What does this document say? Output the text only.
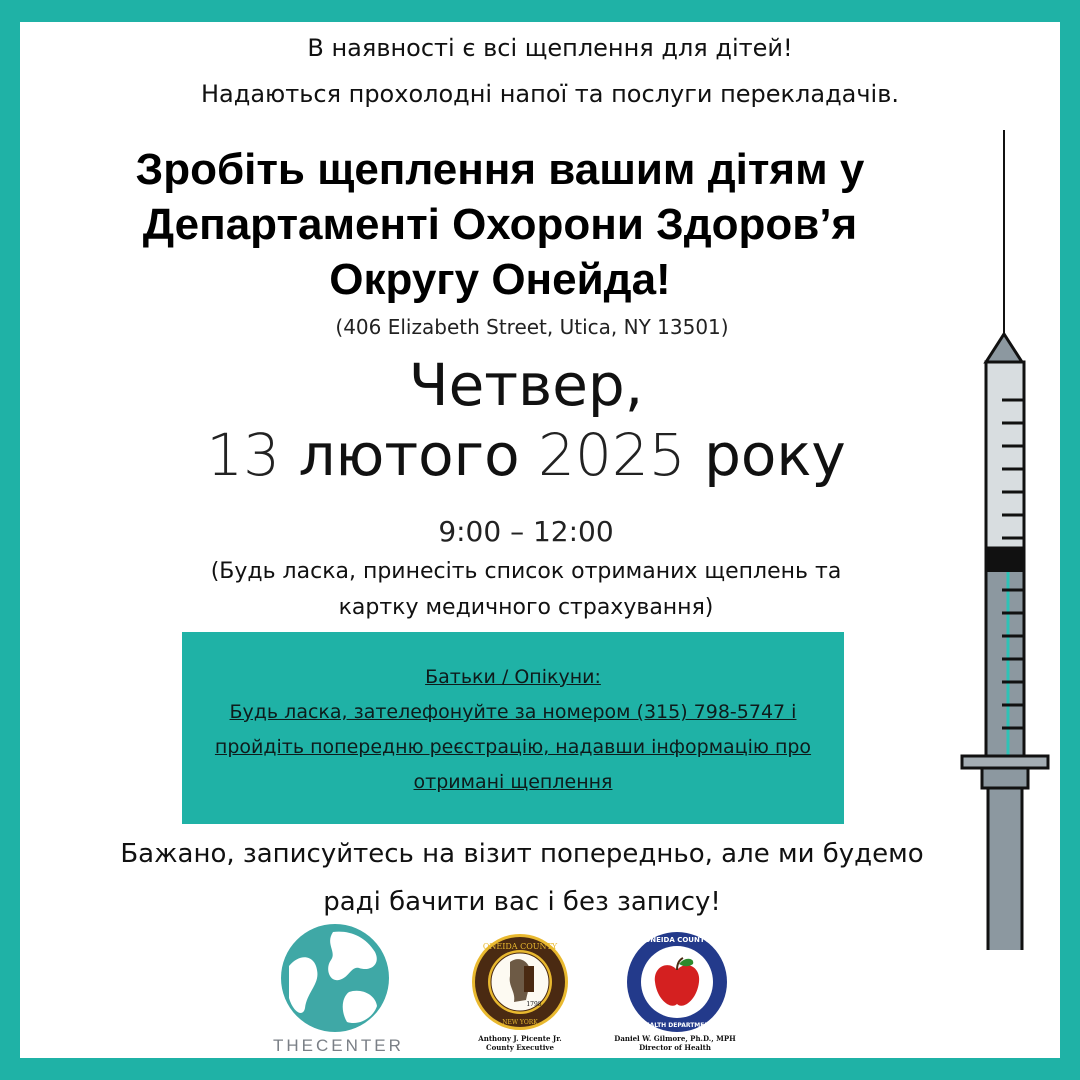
В наявності є всі щеплення для дітей!

Надаються прохолодні напої та послуги перекладачів.

Зробіть щеплення вашим дітям у
Департаменті Охорони Здоров’я
Округу Онейда!

(406 Elizabeth Street, Utica, NY 13501)

Четвер,

13 лютого 2025 року

9:00 – 12:00

(Будь ласка, принесіть список отриманих щеплень та
картку медичного страхування)

Батьки / Опікуни:

Будь ласка, зателефонуйте за номером (315) 798-5747 і пройдіть попередню реєстрацію, надавши інформацію про отримані щеплення

Бажано, записуйтесь на візит попередньо, але ми будемо
раді бачити вас і без запису!

THECENTER
ONEIDA COUNTY
NEW YORK
1798
Anthony J. Picente Jr.
County Executive
ONEIDA COUNTY
HEALTH DEPARTMENT
Daniel W. Gilmore, Ph.D., MPH
Director of Health
